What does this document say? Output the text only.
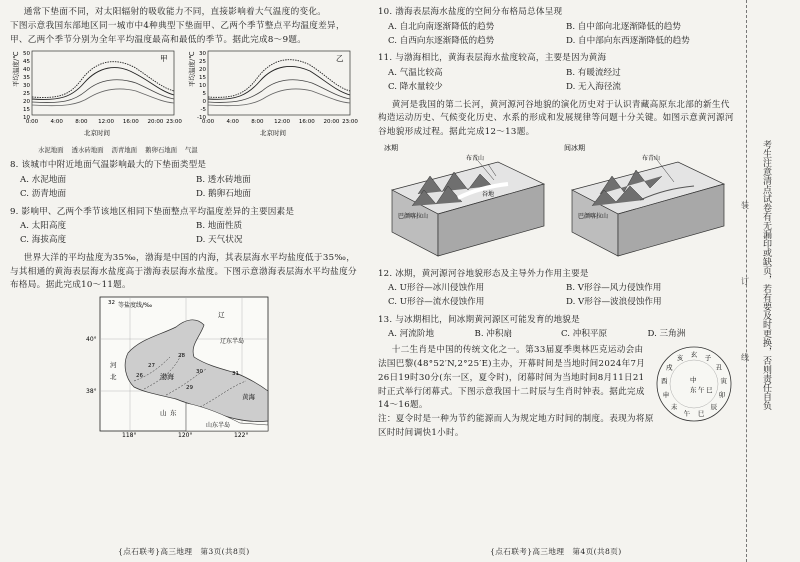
通常下垫面不同，对太阳辐射的吸收能力不同，直接影响着大气温度的变化。

下图示意我国东部地区同一城市中4种典型下垫面甲、乙两个季节整点平均温度差异，甲、乙两个季节分别为全年平均温度最高和最低的季节。据此完成8～9题。

平均温度/℃ 50
45
40
35
30
25
20
15
10
0:00 4:00 8:00 12:00 16:00 20:00 23:00
甲	平均温度/℃ 30
25
20
15
10
5
0
-5
-10
0:00 4:00 8:00 12:00 16:00 20:00 23:00
乙
北京时间	北京时间
水泥地面 透水砖地面 沥青地面 鹅卵石地面 气温

8. 该城市中附近地面气温影响最大的下垫面类型是

A. 水泥地面	B. 透水砖地面
C. 沥青地面	D. 鹅卵石地面

9. 影响甲、乙两个季节该地区相同下垫面整点平均温度差异的主要因素是

A. 太阳高度	B. 地面性质
C. 海拔高度	D. 天气状况

世界大洋的平均盐度为35‰，渤海是中国的内海，其表层海水平均盐度低于35‰，与其相通的黄海表层海水盐度高于渤海表层海水盐度。下图示意渤海表层海水平均盐度分布格局。据此完成10～11题。

等盐度线/‰
辽
辽东半岛
渤海
黄海
山东半岛
河
北
山 东
31
32
30
28
29
27
26
40°
38°
118°	120°	122°
{点石联考}高三地理　第3页(共8页)

10. 渤海表层海水盐度的空间分布格局总体呈现

A. 自北向南逐渐降低的趋势	B. 自中部向北逐渐降低的趋势
C. 自西向东逐渐降低的趋势	D. 自中部向东西逐渐降低的趋势

11. 与渤海相比，黄海表层海水盐度较高，主要是因为黄海

A. 气温比较高	B. 有暖流经过
C. 降水量较少	D. 无入海径流

黄河是我国的第二长河，黄河源河谷地貌的演化历史对于认识青藏高原东北部的新生代构造运动历史、气候变化历史、水系的形成和发展规律等问题十分关键。如图示意黄河源河谷地貌形成过程。据此完成12～13题。

冰期	间冰期
布青山
谷地
巴颜喀拉山
布青山
巴颜喀拉山

12. 冰期，黄河源河谷地貌形态及主导外力作用主要是

A. U形谷—冰川侵蚀作用	B. V形谷—风力侵蚀作用
C. U形谷—流水侵蚀作用	D. V形谷—波浪侵蚀作用

13. 与冰期相比，间冰期黄河源区可能发育的地貌是

A. 河流阶地	B. 冲积扇	C. 冲积平原	D. 三角洲

十二生肖是中国的传统文化之一。第33届夏季奥林匹克运动会由法国巴黎(48°52′N,2°25′E)主办，开幕时间是当地时间2024年7月26日19时30分(东一区，夏令时)，闭幕时间为当地时间8月11日21时正式举行闭幕式。下图示意我国十二时辰与生肖时钟表。据此完成14～16题。

注：夏令时是一种为节约能源而人为规定地方时间的制度。表现为将原区时时间调快1小时。

玄 子
丑
寅
卯
辰
巳
午
未
申
酉
戌
亥
中
东 午 巳
{点石联考}高三地理　第4页(共8页)
考生注意清点试卷有无漏印或缺页，若有要及时更换，否则责任自负
装
订
线
